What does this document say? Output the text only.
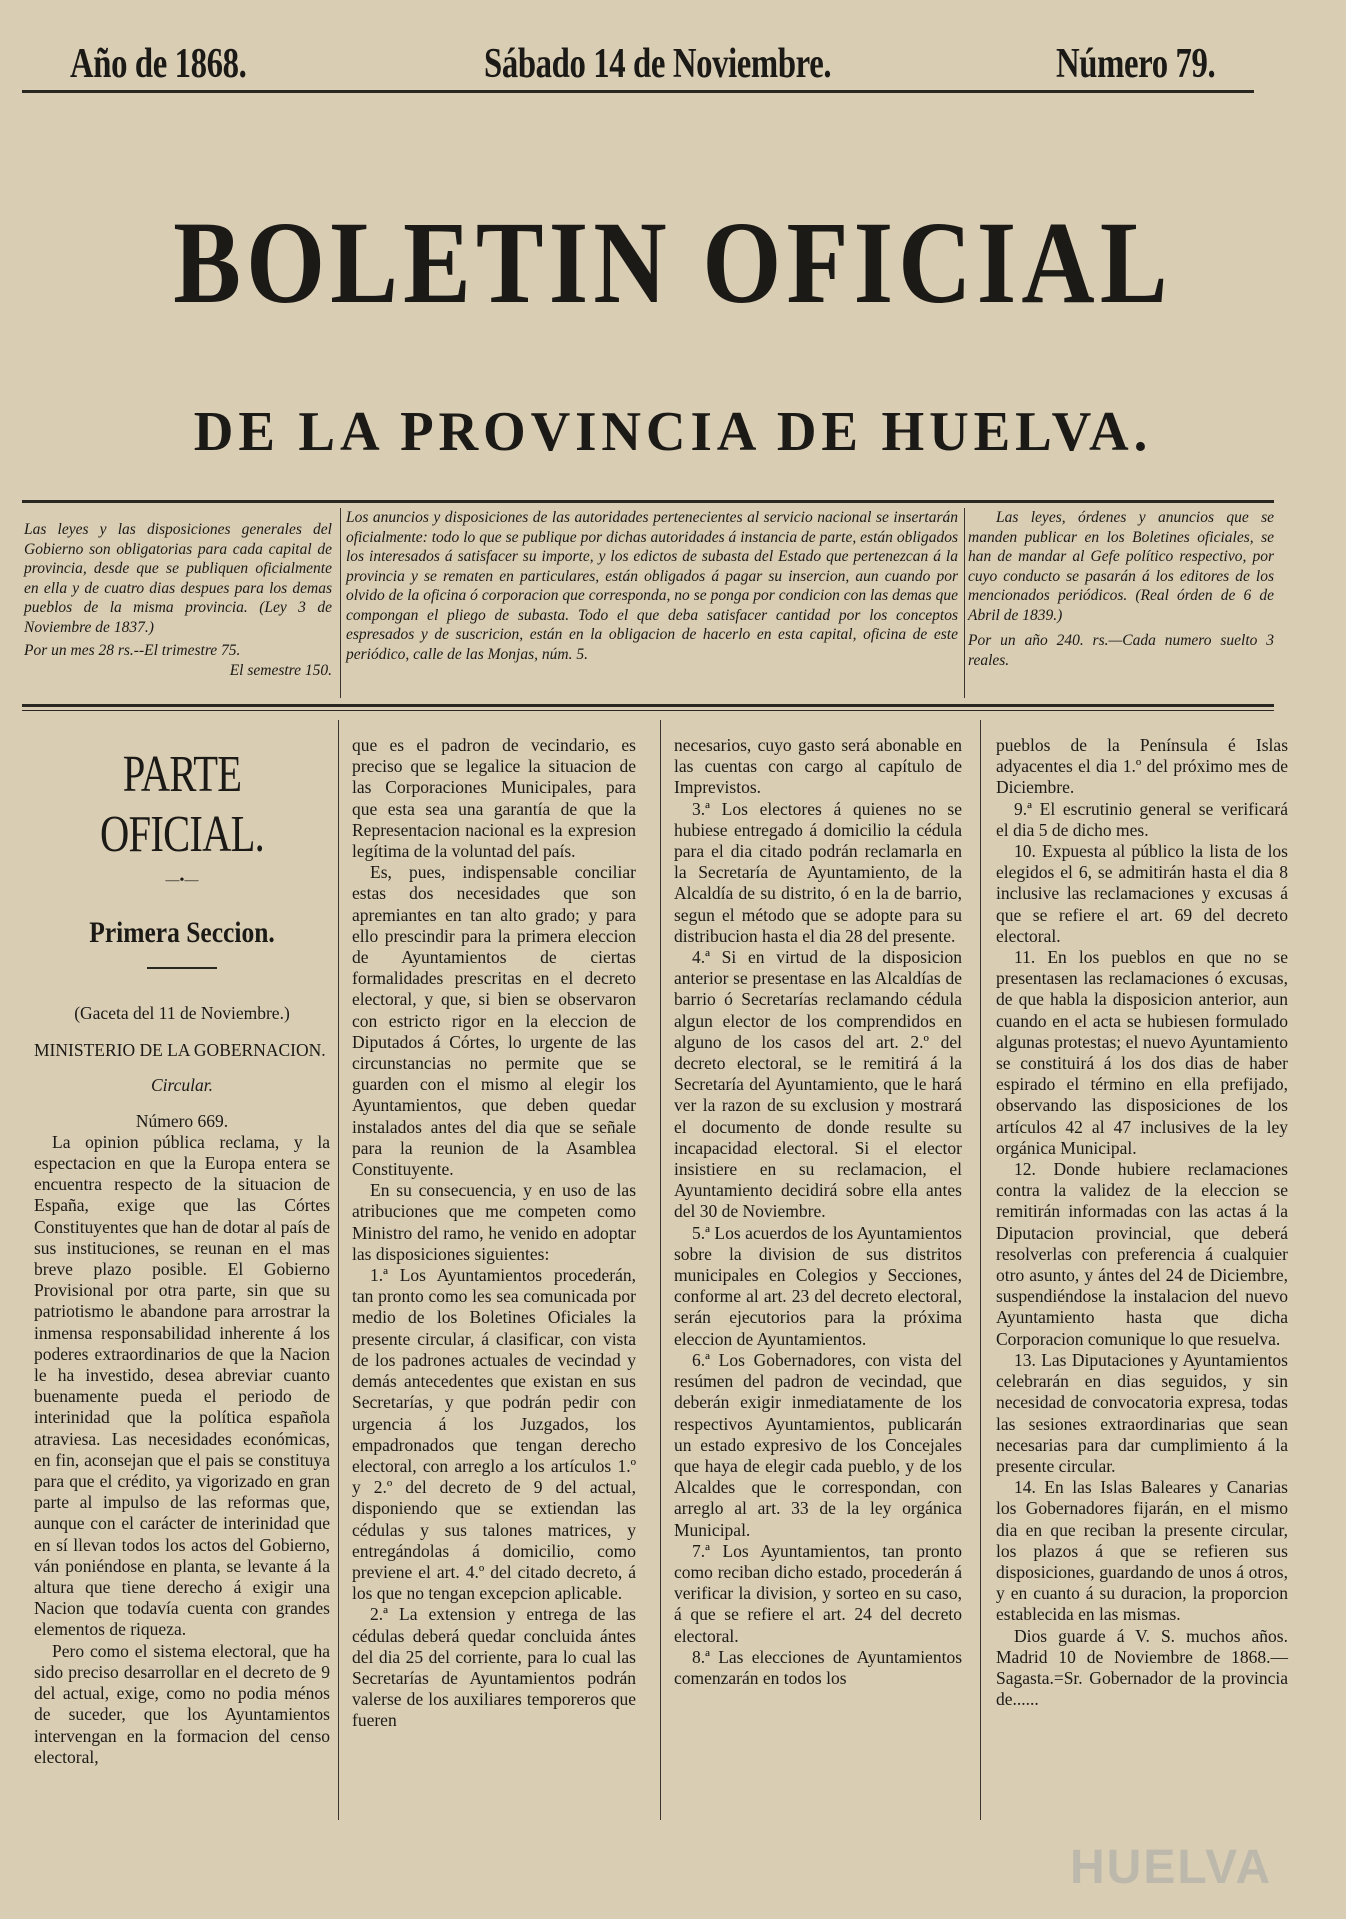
Año de 1868.	Sábado 14 de Noviembre.	Número 79.
BOLETIN OFICIAL
DE LA PROVINCIA DE HUELVA.

Las leyes y las disposiciones generales del Gobierno son obligatorias para cada capital de provincia, desde que se publiquen oficialmente en ella y de cuatro dias despues para los demas pueblos de la misma provincia. (Ley 3 de Noviembre de 1837.)

Por un mes 28 rs.--El trimestre 75.

El semestre 150.

Los anuncios y disposiciones de las autoridades pertenecientes al servicio nacional se insertarán oficialmente: todo lo que se publique por dichas autoridades á instancia de parte, están obligados los interesados á satisfacer su importe, y los edictos de subasta del Estado que pertenezcan á la provincia y se rematen en particulares, están obligados á pagar su insercion, aun cuando por olvido de la oficina ó corporacion que corresponda, no se ponga por condicion con las demas que compongan el pliego de subasta. Todo el que deba satisfacer cantidad por los conceptos espresados y de suscricion, están en la obligacion de hacerlo en esta capital, oficina de este periódico, calle de las Monjas, núm. 5.

Las leyes, órdenes y anuncios que se manden publicar en los Boletines oficiales, se han de mandar al Gefe político respectivo, por cuyo conducto se pasarán á los editores de los mencionados periódicos. (Real órden de 6 de Abril de 1839.)

Por un año 240. rs.—Cada numero suelto 3 reales.

PARTE OFICIAL.
—•—
Primera Seccion.

(Gaceta del 11 de Noviembre.)

MINISTERIO DE LA GOBERNACION.

Circular.

Número 669.

La opinion pública reclama, y la espectacion en que la Europa entera se encuentra respecto de la situacion de España, exige que las Córtes Constituyentes que han de dotar al país de sus instituciones, se reunan en el mas breve plazo posible. El Gobierno Provisional por otra parte, sin que su patriotismo le abandone para arrostrar la inmensa responsabilidad inherente á los poderes extraordinarios de que la Nacion le ha investido, desea abreviar cuanto buenamente pueda el periodo de interinidad que la política española atraviesa. Las necesidades económicas, en fin, aconsejan que el pais se constituya para que el crédito, ya vigorizado en gran parte al impulso de las reformas que, aunque con el carácter de interinidad que en sí llevan todos los actos del Gobierno, ván poniéndose en planta, se levante á la altura que tiene derecho á exigir una Nacion que todavía cuenta con grandes elementos de riqueza.

Pero como el sistema electoral, que ha sido preciso desarrollar en el decreto de 9 del actual, exige, como no podia ménos de suceder, que los Ayuntamientos intervengan en la formacion del censo electoral,

que es el padron de vecindario, es preciso que se legalice la situacion de las Corporaciones Municipales, para que esta sea una garantía de que la Representacion nacional es la expresion legítima de la voluntad del país.

Es, pues, indispensable conciliar estas dos necesidades que son apremiantes en tan alto grado; y para ello prescindir para la primera eleccion de Ayuntamientos de ciertas formalidades prescritas en el decreto electoral, y que, si bien se observaron con estricto rigor en la eleccion de Diputados á Córtes, lo urgente de las circunstancias no permite que se guarden con el mismo al elegir los Ayuntamientos, que deben quedar instalados antes del dia que se señale para la reunion de la Asamblea Constituyente.

En su consecuencia, y en uso de las atribuciones que me competen como Ministro del ramo, he venido en adoptar las disposiciones siguientes:

1.ª Los Ayuntamientos procederán, tan pronto como les sea comunicada por medio de los Boletines Oficiales la presente circular, á clasificar, con vista de los padrones actuales de vecindad y demás antecedentes que existan en sus Secretarías, y que podrán pedir con urgencia á los Juzgados, los empadronados que tengan derecho electoral, con arreglo a los artículos 1.º y 2.º del decreto de 9 del actual, disponiendo que se extiendan las cédulas y sus talones matrices, y entregándolas á domicilio, como previene el art. 4.º del citado decreto, á los que no tengan excepcion aplicable.

2.ª La extension y entrega de las cédulas deberá quedar concluida ántes del dia 25 del corriente, para lo cual las Secretarías de Ayuntamientos podrán valerse de los auxiliares temporeros que fueren

necesarios, cuyo gasto será abonable en las cuentas con cargo al capítulo de Imprevistos.

3.ª Los electores á quienes no se hubiese entregado á domicilio la cédula para el dia citado podrán reclamarla en la Secretaría de Ayuntamiento, de la Alcaldía de su distrito, ó en la de barrio, segun el método que se adopte para su distribucion hasta el dia 28 del presente.

4.ª Si en virtud de la disposicion anterior se presentase en las Alcaldías de barrio ó Secretarías reclamando cédula algun elector de los comprendidos en alguno de los casos del art. 2.º del decreto electoral, se le remitirá á la Secretaría del Ayuntamiento, que le hará ver la razon de su exclusion y mostrará el documento de donde resulte su incapacidad electoral. Si el elector insistiere en su reclamacion, el Ayuntamiento decidirá sobre ella antes del 30 de Noviembre.

5.ª Los acuerdos de los Ayuntamientos sobre la division de sus distritos municipales en Colegios y Secciones, conforme al art. 23 del decreto electoral, serán ejecutorios para la próxima eleccion de Ayuntamientos.

6.ª Los Gobernadores, con vista del resúmen del padron de vecindad, que deberán exigir inmediatamente de los respectivos Ayuntamientos, publicarán un estado expresivo de los Concejales que haya de elegir cada pueblo, y de los Alcaldes que le correspondan, con arreglo al art. 33 de la ley orgánica Municipal.

7.ª Los Ayuntamientos, tan pronto como reciban dicho estado, procederán á verificar la division, y sorteo en su caso, á que se refiere el art. 24 del decreto electoral.

8.ª Las elecciones de Ayuntamientos comenzarán en todos los

pueblos de la Península é Islas adyacentes el dia 1.º del próximo mes de Diciembre.

9.ª El escrutinio general se verificará el dia 5 de dicho mes.

10. Expuesta al público la lista de los elegidos el 6, se admitirán hasta el dia 8 inclusive las reclamaciones y excusas á que se refiere el art. 69 del decreto electoral.

11. En los pueblos en que no se presentasen las reclamaciones ó excusas, de que habla la disposicion anterior, aun cuando en el acta se hubiesen formulado algunas protestas; el nuevo Ayuntamiento se constituirá á los dos dias de haber espirado el término en ella prefijado, observando las disposiciones de los artículos 42 al 47 inclusives de la ley orgánica Municipal.

12. Donde hubiere reclamaciones contra la validez de la eleccion se remitirán informadas con las actas á la Diputacion provincial, que deberá resolverlas con preferencia á cualquier otro asunto, y ántes del 24 de Diciembre, suspendiéndose la instalacion del nuevo Ayuntamiento hasta que dicha Corporacion comunique lo que resuelva.

13. Las Diputaciones y Ayuntamientos celebrarán en dias seguidos, y sin necesidad de convocatoria expresa, todas las sesiones extraordinarias que sean necesarias para dar cumplimiento á la presente circular.

14. En las Islas Baleares y Canarias los Gobernadores fijarán, en el mismo dia en que reciban la presente circular, los plazos á que se refieren sus disposiciones, guardando de unos á otros, y en cuanto á su duracion, la proporcion establecida en las mismas.

Dios guarde á V. S. muchos años. Madrid 10 de Noviembre de 1868.—Sagasta.=Sr. Gobernador de la provincia de......

HUELVA
